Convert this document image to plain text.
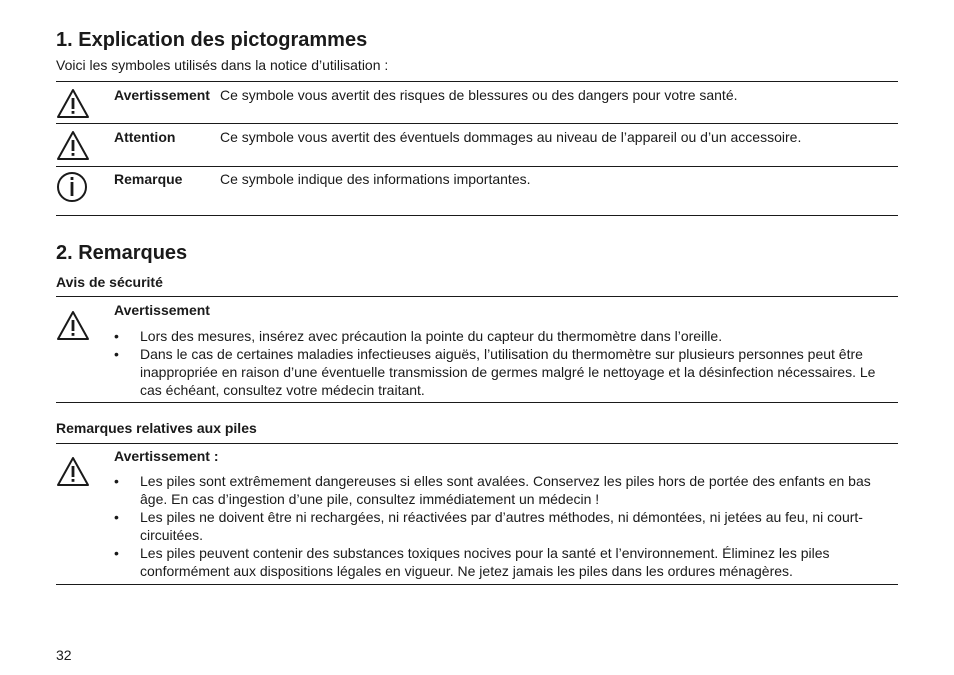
1. Explication des pictogrammes
Voici les symboles utilisés dans la notice d’utilisation :
Avertissement Ce symbole vous avertit des risques de blessures ou des dangers pour votre santé.
Attention	Ce symbole vous avertit des éventuels dommages au niveau de l’appareil ou d’un accessoire.
Remarque	Ce symbole indique des informations importantes.
2. Remarques
Avis de sécurité
Avertissement
• Lors des mesures, insérez avec précaution la pointe du capteur du thermomètre dans l’oreille.
• Dans le cas de certaines maladies infectieuses aiguës, l’utilisation du thermomètre sur plusieurs personnes peut être inappropriée en raison d’une éventuelle transmission de germes malgré le nettoyage et la désinfection nécessaires. Le cas échéant, consultez votre médecin traitant.
Remarques relatives aux piles
Avertissement :
• Les piles sont extrêmement dangereuses si elles sont avalées. Conservez les piles hors de portée des enfants en bas âge. En cas d’ingestion d’une pile, consultez immédiatement un médecin !
• Les piles ne doivent être ni rechargées, ni réactivées par d’autres méthodes, ni démontées, ni jetées au feu, ni court-circuitées.
• Les piles peuvent contenir des substances toxiques nocives pour la santé et l’environnement. Éliminez les piles conformément aux dispositions légales en vigueur. Ne jetez jamais les piles dans les ordures ménagères.
32
